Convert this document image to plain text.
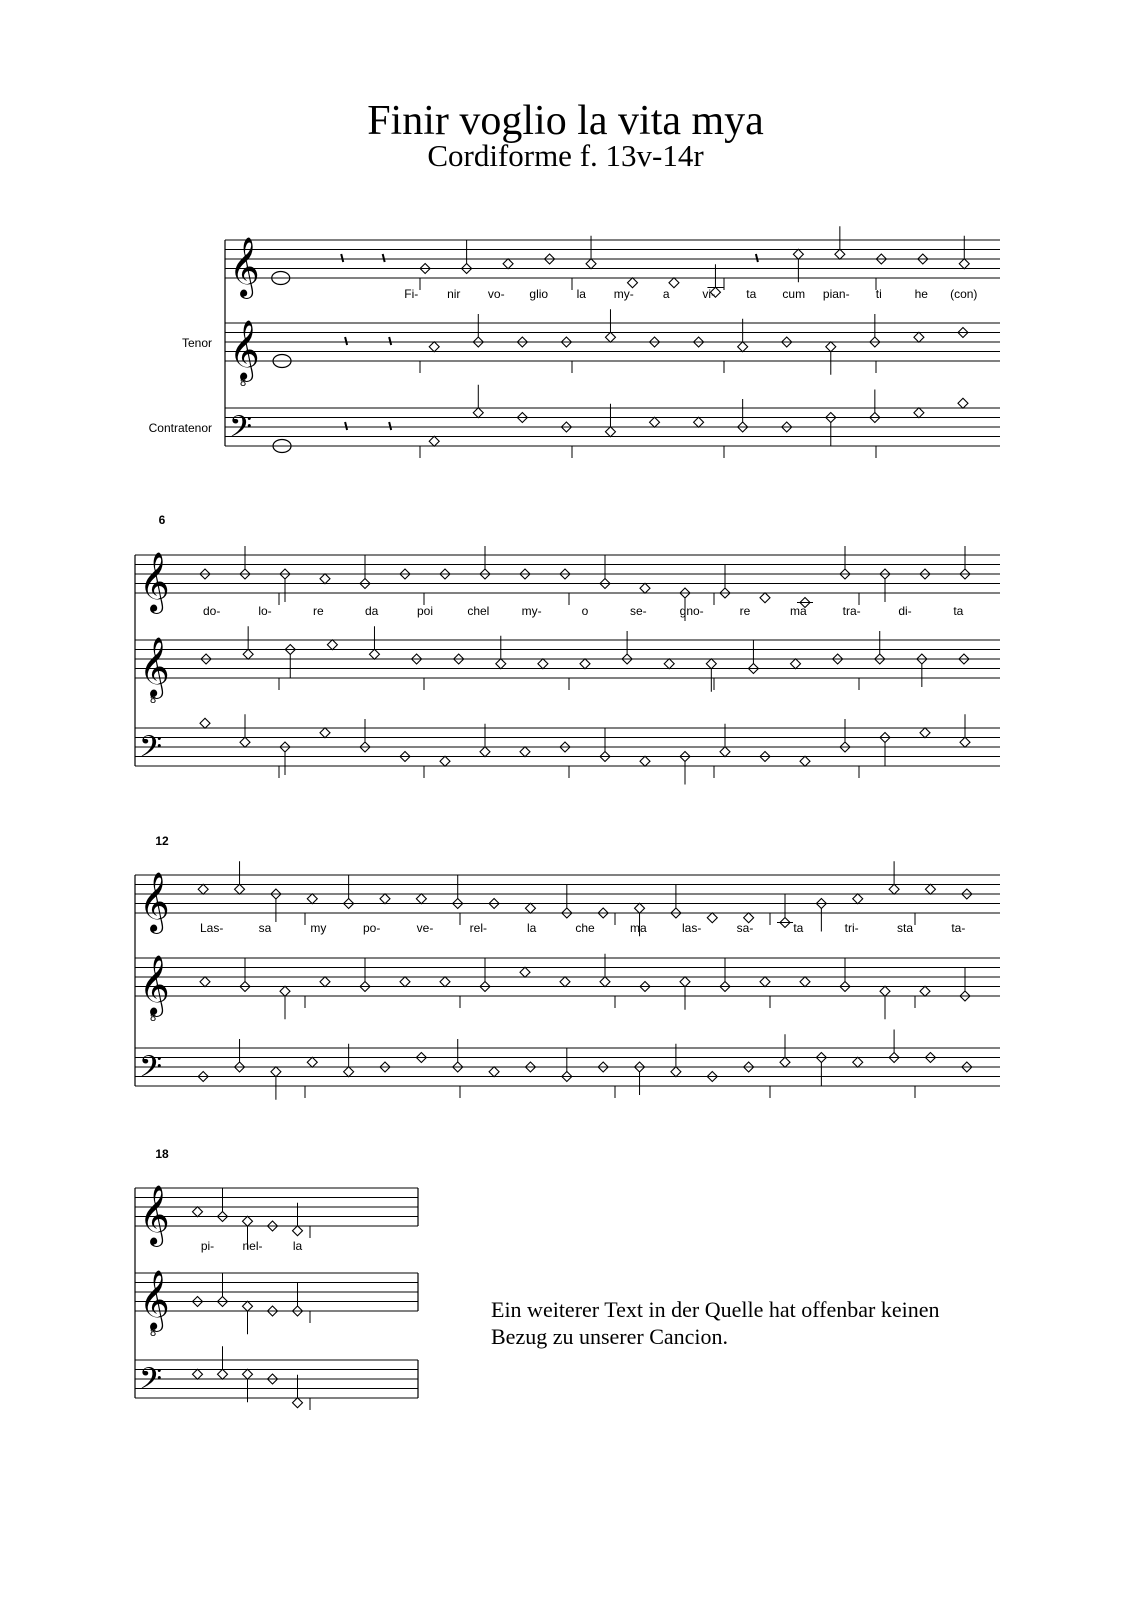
Cordiforme f. 13v-14r
𝄞
𝄞
8
𝄢
Tenor
Contratenor
Fi- nir vo- glio la my- a	vi-	ta cum pian- ti	he (con)
𝄞
𝄞
8
𝄢
6
do-	lo-	re	da	poi	chel	my-	o	se-	gno-	re	ma	tra-	di-	ta
𝄞
𝄞
8
𝄢
12
Las-	sa	my	po-	ve-	rel-	la	che	ma	las-	sa-	ta	tri-	sta	ta-
𝄞
𝄞
8
𝄢
18
pi- nel-	la
Ein weiterer Text in der Quelle hat offenbar keinen
Bezug zu unserer Cancion.
Finir voglio la vita mya
